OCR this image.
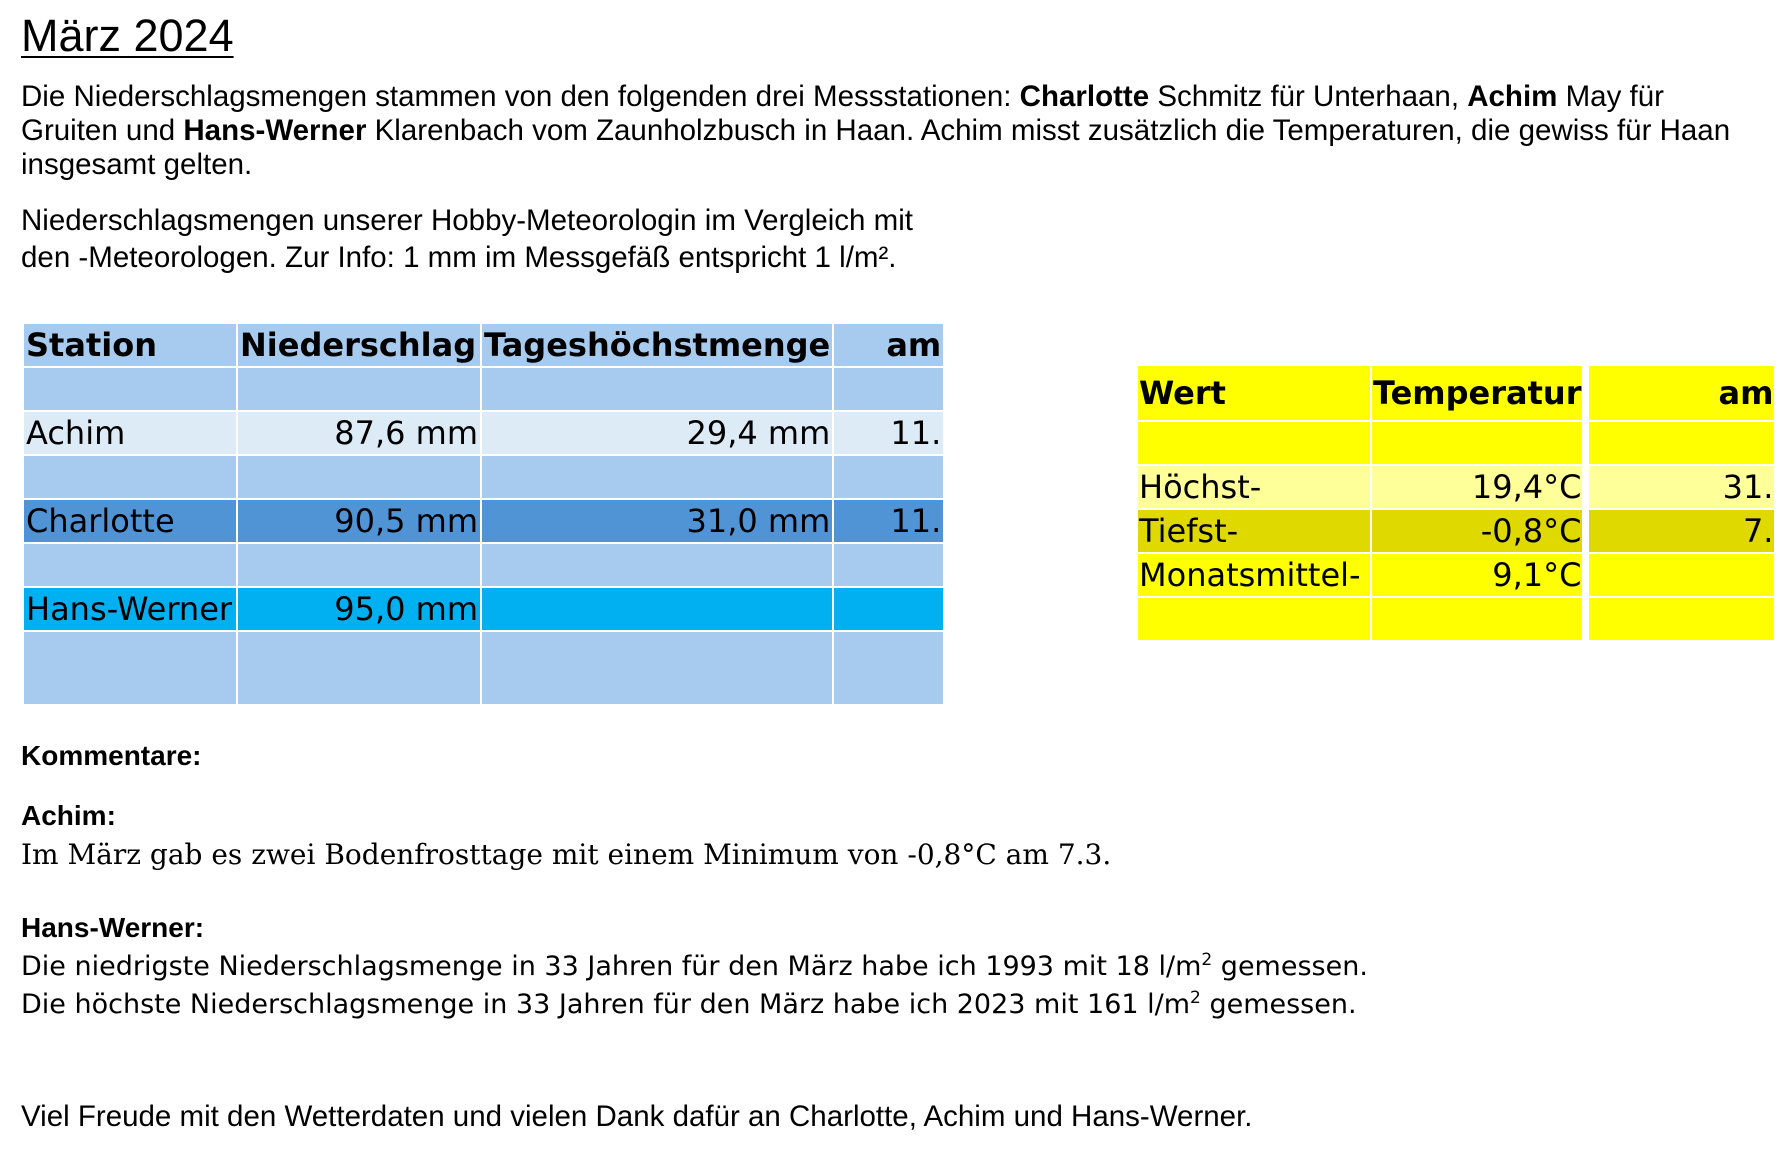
März 2024
Die Niederschlagsmengen stammen von den folgenden drei Messstationen: Charlotte Schmitz für Unterhaan, Achim May für Gruiten und Hans-Werner Klarenbach vom Zaunholzbusch in Haan. Achim misst zusätzlich die Temperaturen, die gewiss für Haan insgesamt gelten.
Niederschlagsmengen unserer Hobby-Meteorologin im Vergleich mit
den -Meteorologen. Zur Info: 1 mm im Messgefäß entspricht 1 l/m².
Station	Niederschlag	Tageshöchstmenge	am

Achim	87,6 mm	29,4 mm	11.

Charlotte	90,5 mm	31,0 mm	11.

Hans-Werner	95,0 mm		

Wert	Temperatur	am

Höchst-	19,4°C	31.
Tiefst-	-0,8°C	7.
Monatsmittel-	9,1°C	

Kommentare:
Achim:
Im März gab es zwei Bodenfrosttage mit einem Minimum von -0,8°C am 7.3.
Hans-Werner:
Die niedrigste Niederschlagsmenge in 33 Jahren für den März habe ich 1993 mit 18 $l/m^2$ gemessen.
Die höchste Niederschlagsmenge in 33 Jahren für den März habe ich 2023 mit 161 $l/m^2$ gemessen.
Viel Freude mit den Wetterdaten und vielen Dank dafür an Charlotte, Achim und Hans-Werner.
